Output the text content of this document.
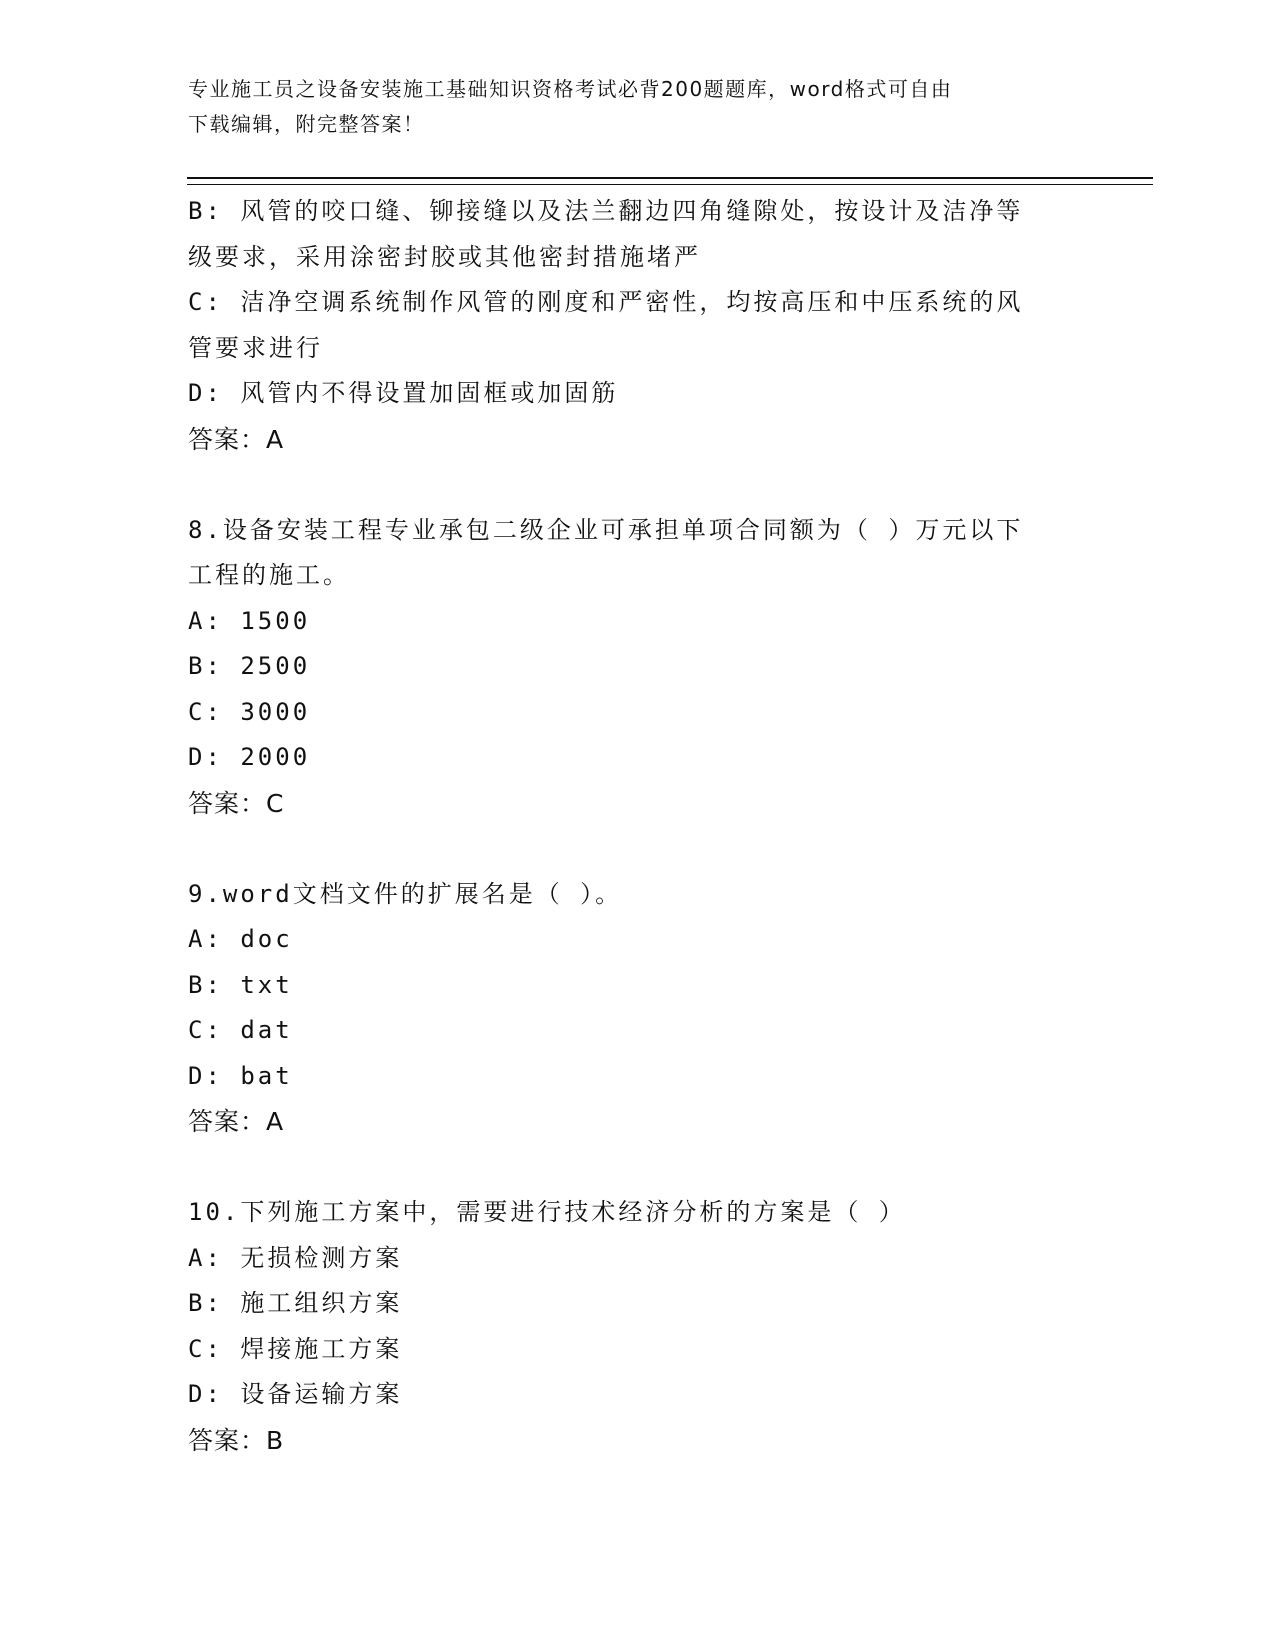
专业施工员之设备安装施工基础知识资格考试必背200题题库，word格式可自由
下载编辑，附完整答案！
B: 风管的咬口缝、铆接缝以及法兰翻边四角缝隙处，按设计及洁净等
级要求，采用涂密封胶或其他密封措施堵严
C: 洁净空调系统制作风管的刚度和严密性，均按高压和中压系统的风
管要求进行
D: 风管内不得设置加固框或加固筋
答案：A
8.设备安装工程专业承包二级企业可承担单项合同额为（ ）万元以下
工程的施工。
A: 1500
B: 2500
C: 3000
D: 2000
答案：C
9.word文档文件的扩展名是（ ）。
A: doc
B: txt
C: dat
D: bat
答案：A
10.下列施工方案中，需要进行技术经济分析的方案是（ ）
A: 无损检测方案
B: 施工组织方案
C: 焊接施工方案
D: 设备运输方案
答案：B
